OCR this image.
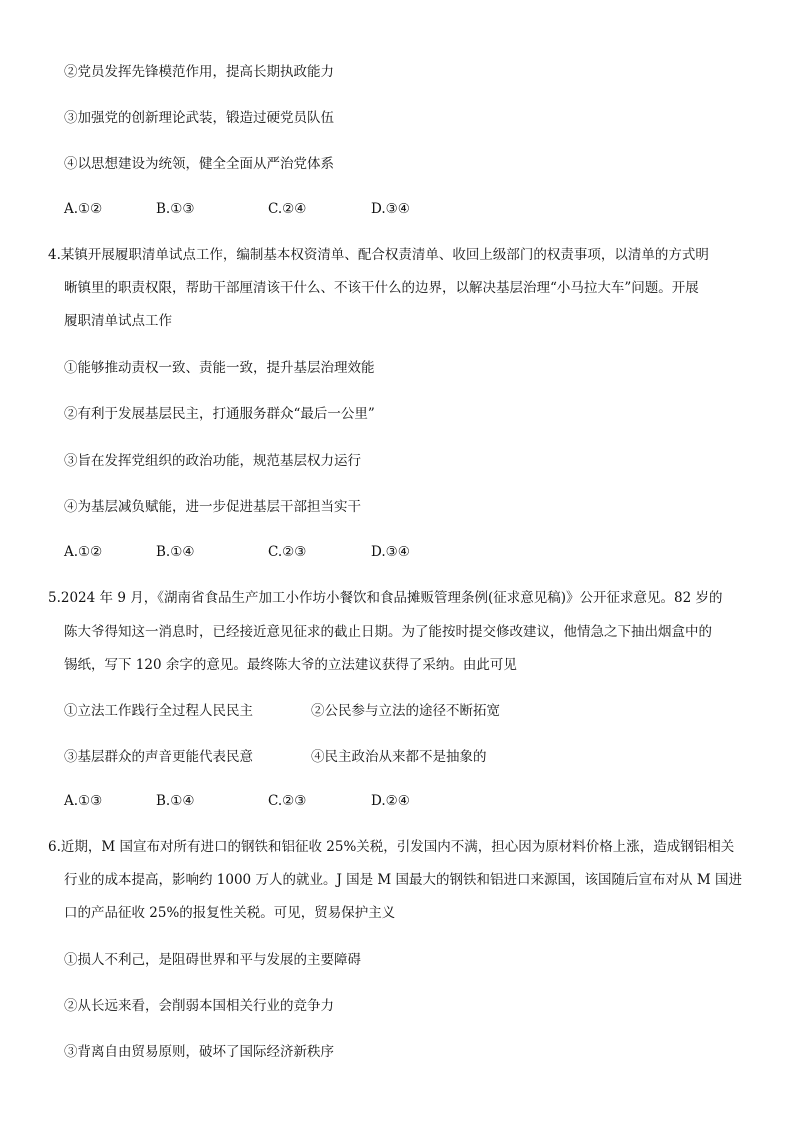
②党员发挥先锋模范作用，提高长期执政能力
③加强党的创新理论武装，锻造过硬党员队伍
④以思想建设为统领，健全全面从严治党体系
A.①②	B.①③	C.②④	D.③④
4.某镇开展履职清单试点工作，编制基本权资清单、配合权责清单、收回上级部门的权责事项，以清单的方式明
晰镇里的职责权限，帮助干部厘清该干什么、不该干什么的边界，以解决基层治理“小马拉大车”问题。开展
履职清单试点工作
①能够推动责权一致、责能一致，提升基层治理效能
②有利于发展基层民主，打通服务群众“最后一公里”
③旨在发挥党组织的政治功能，规范基层权力运行
④为基层减负赋能，进一步促进基层干部担当实干
A.①②	B.①④	C.②③	D.③④
5.2024 年 9 月，《湖南省食品生产加工小作坊小餐饮和食品摊贩管理条例(征求意见稿)》公开征求意见。82 岁的
陈大爷得知这一消息时，已经接近意见征求的截止日期。为了能按时提交修改建议，他情急之下抽出烟盒中的
锡纸，写下 120 余字的意见。最终陈大爷的立法建议获得了采纳。由此可见
①立法工作践行全过程人民民主	②公民参与立法的途径不断拓宽
③基层群众的声音更能代表民意	④民主政治从来都不是抽象的
A.①③	B.①④	C.②③	D.②④
6.近期，M 国宣布对所有进口的钢铁和铝征收 25%关税，引发国内不满，担心因为原材料价格上涨，造成钢铝相关
行业的成本提高，影响约 1000 万人的就业。J 国是 M 国最大的钢铁和铝进口来源国，该国随后宣布对从 M 国进
口的产品征收 25%的报复性关税。可见，贸易保护主义
①损人不利己，是阻碍世界和平与发展的主要障碍
②从长远来看，会削弱本国相关行业的竞争力
③背离自由贸易原则，破坏了国际经济新秩序
